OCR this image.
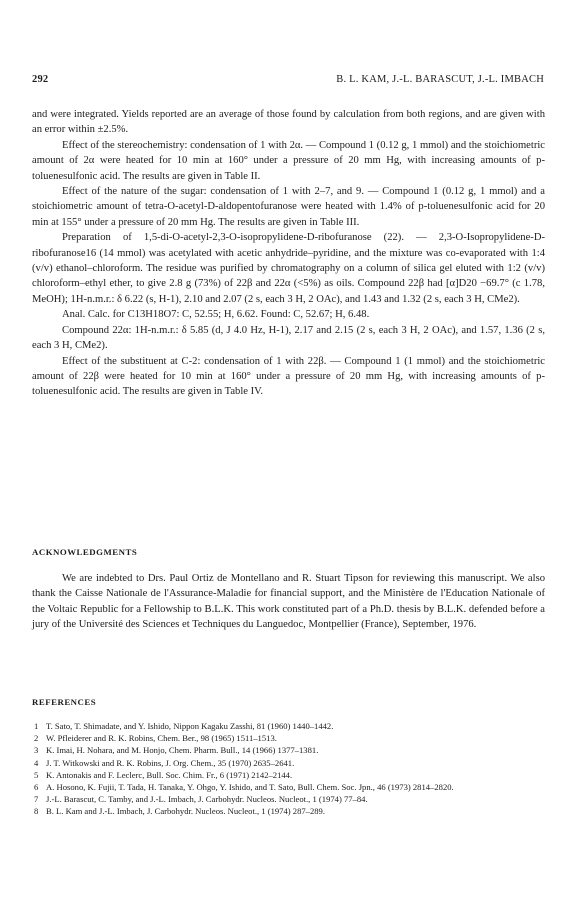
292	B. L. KAM, J.-L. BARASCUT, J.-L. IMBACH

and were integrated. Yields reported are an average of those found by calculation from both regions, and are given with an error within ±2.5%.

Effect of the stereochemistry: condensation of 1 with 2α. — Compound 1 (0.12 g, 1 mmol) and the stoichiometric amount of 2α were heated for 10 min at 160° under a pressure of 20 mm Hg, with increasing amounts of p-toluenesulfonic acid. The results are given in Table II.

Effect of the nature of the sugar: condensation of 1 with 2–7, and 9. — Compound 1 (0.12 g, 1 mmol) and a stoichiometric amount of tetra-O-acetyl-D-aldopentofuranose were heated with 1.4% of p-toluenesulfonic acid for 20 min at 155° under a pressure of 20 mm Hg. The results are given in Table III.

Preparation of 1,5-di-O-acetyl-2,3-O-isopropylidene-D-ribofuranose (22). — 2,3-O-Isopropylidene-D-ribofuranose16 (14 mmol) was acetylated with acetic anhydride–pyridine, and the mixture was co-evaporated with 1:4 (v/v) ethanol–chloroform. The residue was purified by chromatography on a column of silica gel eluted with 1:2 (v/v) chloroform–ethyl ether, to give 2.8 g (73%) of 22β and 22α (<5%) as oils. Compound 22β had [α]D20 −69.7° (c 1.78, MeOH); 1H-n.m.r.: δ 6.22 (s, H-1), 2.10 and 2.07 (2 s, each 3 H, 2 OAc), and 1.43 and 1.32 (2 s, each 3 H, CMe2).

Anal. Calc. for C13H18O7: C, 52.55; H, 6.62. Found: C, 52.67; H, 6.48.

Compound 22α: 1H-n.m.r.: δ 5.85 (d, J 4.0 Hz, H-1), 2.17 and 2.15 (2 s, each 3 H, 2 OAc), and 1.57, 1.36 (2 s, each 3 H, CMe2).

Effect of the substituent at C-2: condensation of 1 with 22β. — Compound 1 (1 mmol) and the stoichiometric amount of 22β were heated for 10 min at 160° under a pressure of 20 mm Hg, with increasing amounts of p-toluenesulfonic acid. The results are given in Table IV.

ACKNOWLEDGMENTS

We are indebted to Drs. Paul Ortiz de Montellano and R. Stuart Tipson for reviewing this manuscript. We also thank the Caisse Nationale de l'Assurance-Maladie for financial support, and the Ministère de l'Education Nationale of the Voltaic Republic for a Fellowship to B.L.K. This work constituted part of a Ph.D. thesis by B.L.K. defended before a jury of the Université des Sciences et Techniques du Languedoc, Montpellier (France), September, 1976.

REFERENCES
1 T. Sato, T. Shimadate, and Y. Ishido, Nippon Kagaku Zasshi, 81 (1960) 1440–1442.
2 W. Pfleiderer and R. K. Robins, Chem. Ber., 98 (1965) 1511–1513.
3 K. Imai, H. Nohara, and M. Honjo, Chem. Pharm. Bull., 14 (1966) 1377–1381.
4 J. T. Witkowski and R. K. Robins, J. Org. Chem., 35 (1970) 2635–2641.
5 K. Antonakis and F. Leclerc, Bull. Soc. Chim. Fr., 6 (1971) 2142–2144.
6 A. Hosono, K. Fujii, T. Tada, H. Tanaka, Y. Ohgo, Y. Ishido, and T. Sato, Bull. Chem. Soc. Jpn., 46 (1973) 2814–2820.
7 J.-L. Barascut, C. Tamby, and J.-L. Imbach, J. Carbohydr. Nucleos. Nucleot., 1 (1974) 77–84.
8 B. L. Kam and J.-L. Imbach, J. Carbohydr. Nucleos. Nucleot., 1 (1974) 287–289.
